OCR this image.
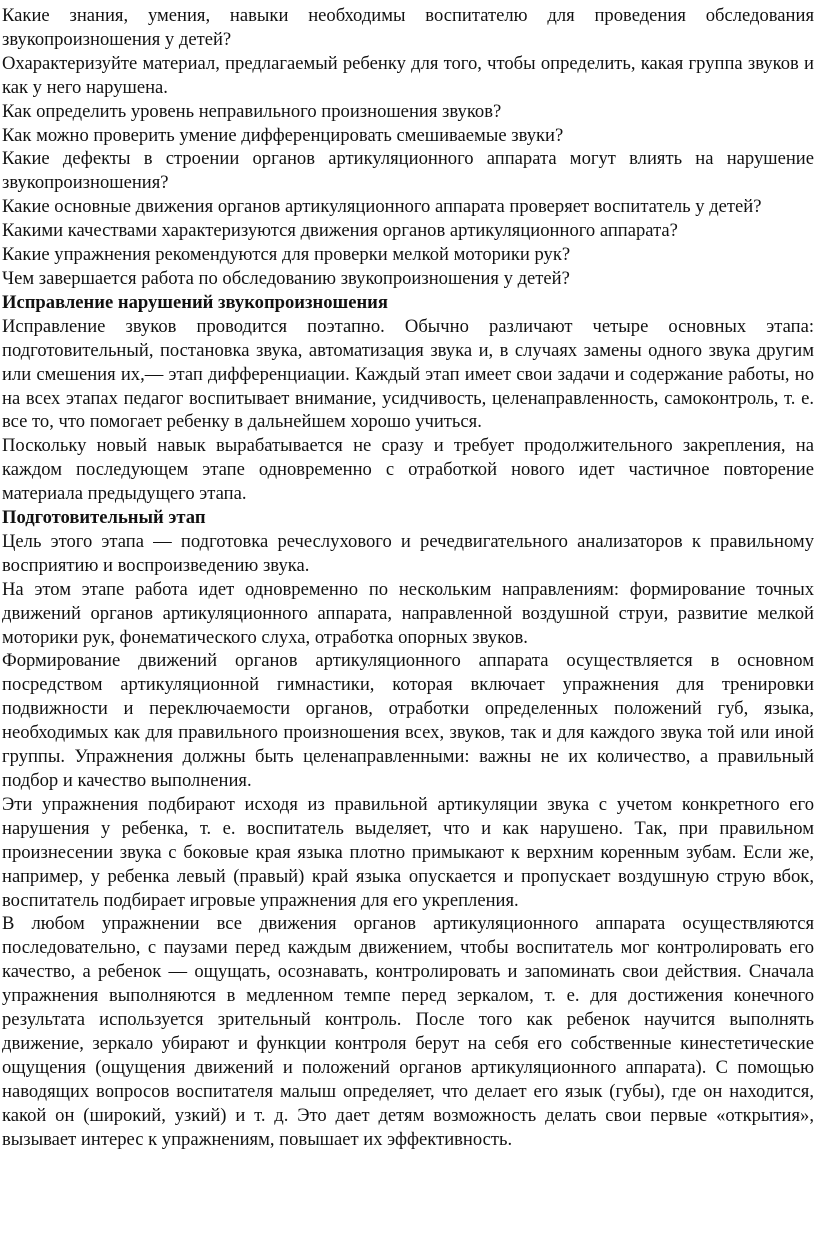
Какие знания, умения, навыки необходимы воспитателю для проведения обследования звукопроизношения у детей?

Охарактеризуйте материал, предлагаемый ребенку для того, чтобы определить, какая группа звуков и как у него нарушена.

Как определить уровень неправильного произношения звуков?

Как можно проверить умение дифференцировать смешиваемые звуки?

Какие дефекты в строении органов артикуляционного аппарата могут влиять на нарушение звукопроизношения?

Какие основные движения органов артикуляционного аппарата проверяет воспитатель у детей?

Какими качествами характеризуются движения органов артикуляционного аппарата?

Какие упражнения рекомендуются для проверки мелкой моторики рук?

Чем завершается работа по обследованию звукопроизношения у детей?

Исправление нарушений звукопроизношения

Исправление звуков проводится поэтапно. Обычно различают четыре основных этапа: подготовительный, постановка звука, автоматизация звука и, в случаях замены одного звука другим или смешения их,— этап дифференциации. Каждый этап имеет свои задачи и содержание работы, но на всех этапах педагог воспитывает внимание, усидчивость, целенаправленность, самоконтроль, т. е. все то, что помогает ребенку в дальнейшем хорошо учиться.

Поскольку новый навык вырабатывается не сразу и требует продолжительного закрепления, на каждом последующем этапе одновременно с отработкой нового идет частичное повторение материала предыдущего этапа.

Подготовительный этап

Цель этого этапа — подготовка речеслухового и речедвигательного анализаторов к правильному восприятию и воспроизведению звука.

На этом этапе работа идет одновременно по нескольким направлениям: формирование точных движений органов артикуляционного аппарата, направленной воздушной струи, развитие мелкой моторики рук, фонематического слуха, отработка опорных звуков.

Формирование движений органов артикуляционного аппарата осуществляется в основном посредством артикуляционной гимнастики, которая включает упражнения для тренировки подвижности и переключаемости органов, отработки определенных положений губ, языка, необходимых как для правильного произношения всех, звуков, так и для каждого звука той или иной группы. Упражнения должны быть целенаправленными: важны не их количество, а правильный подбор и качество выполнения.

Эти упражнения подбирают исходя из правильной артикуляции звука с учетом конкретного его нарушения у ребенка, т. е. воспитатель выделяет, что и как нарушено. Так, при правильном произнесении звука с боковые края языка плотно примыкают к верхним коренным зубам. Если же, например, у ребенка левый (правый) край языка опускается и пропускает воздушную струю вбок, воспитатель подбирает игровые упражнения для его укрепления.

В любом упражнении все движения органов артикуляционного аппарата осуществляются последовательно, с паузами перед каждым движением, чтобы воспитатель мог контролировать его качество, а ребенок — ощущать, осознавать, контролировать и запоминать свои действия. Сначала упражнения выполняются в медленном темпе перед зеркалом, т. е. для достижения конечного результата используется зрительный контроль. После того как ребенок научится выполнять движение, зеркало убирают и функции контроля берут на себя его собственные кинестетические ощущения (ощущения движений и положений органов артикуляционного аппарата). С помощью наводящих вопросов воспитателя малыш определяет, что делает его язык (губы), где он находится, какой он (широкий, узкий) и т. д. Это дает детям возможность делать свои первые «открытия», вызывает интерес к упражнениям, повышает их эффективность.
